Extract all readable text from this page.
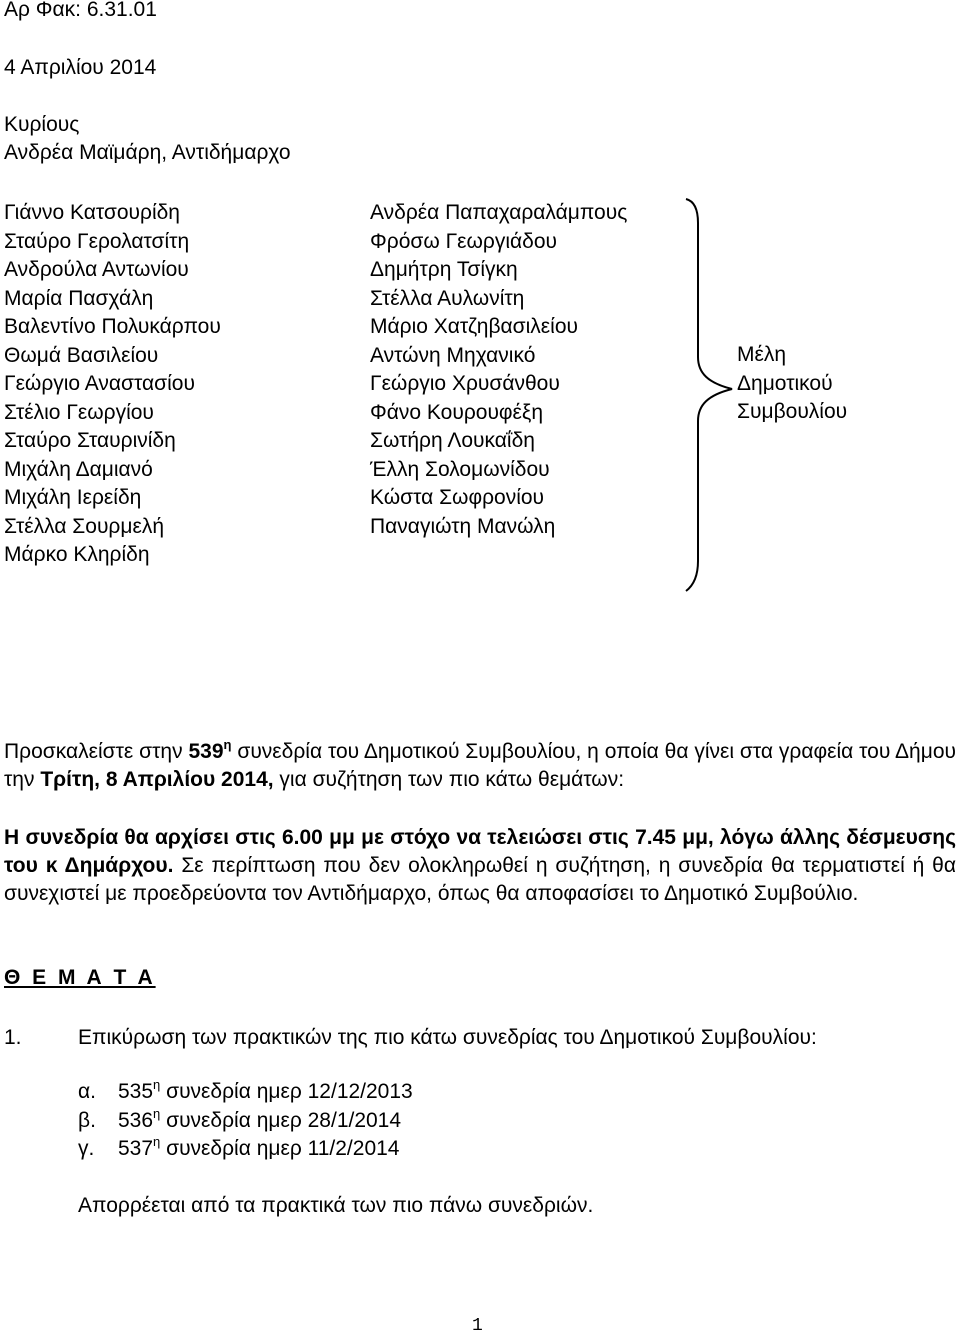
Αρ Φακ: 6.31.01
4 Απριλίου 2014
Κυρίους
Ανδρέα Μαϊμάρη, Αντιδήμαρχο
Γιάννο Κατσουρίδη
Σταύρο Γερολατσίτη
Ανδρούλα Αντωνίου
Μαρία Πασχάλη
Βαλεντίνο Πολυκάρπου
Θωμά Βασιλείου
Γεώργιο Αναστασίου
Στέλιο Γεωργίου
Σταύρο Σταυρινίδη
Μιχάλη Δαμιανό
Μιχάλη Ιερείδη
Στέλλα Σουρμελή
Μάρκο Κληρίδη
Ανδρέα Παπαχαραλάμπους
Φρόσω Γεωργιάδου
Δημήτρη Τσίγκη
Στέλλα Αυλωνίτη
Μάριο Χατζηβασιλείου
Αντώνη Μηχανικό
Γεώργιο Χρυσάνθου
Φάνο Κουρουφέξη
Σωτήρη Λουκαΐδη
Έλλη Σολομωνίδου
Κώστα Σωφρονίου
Παναγιώτη Μανώλη
Μέλη
Δημοτικού
Συμβουλίου
Προσκαλείστε στην $539^\eta$ συνεδρία του Δημοτικού Συμβουλίου, η οποία θα γίνει στα γραφεία του Δήμου την Τρίτη, 8 Απριλίου 2014, για συζήτηση των πιο κάτω θεμάτων:
Η συνεδρία θα αρχίσει στις 6.00 μμ με στόχο να τελειώσει στις 7.45 μμ, λόγω άλλης δέσμευσης του κ Δημάρχου. Σε περίπτωση που δεν ολοκληρωθεί η συζήτηση, η συνεδρία θα τερματιστεί ή θα συνεχιστεί με προεδρεύοντα τον Αντιδήμαρχο, όπως θα αποφασίσει το Δημοτικό Συμβούλιο.
Θ Ε Μ Α Τ Α
1.	Επικύρωση των πρακτικών της πιο κάτω συνεδρίας του Δημοτικού Συμβουλίου:
α. $535^\eta$ συνεδρία ημερ 12/12/2013
β. $536^\eta$ συνεδρία ημερ 28/1/2014
γ. $537^\eta$ συνεδρία ημερ 11/2/2014
Απορρέεται από τα πρακτικά των πιο πάνω συνεδριών.
1
